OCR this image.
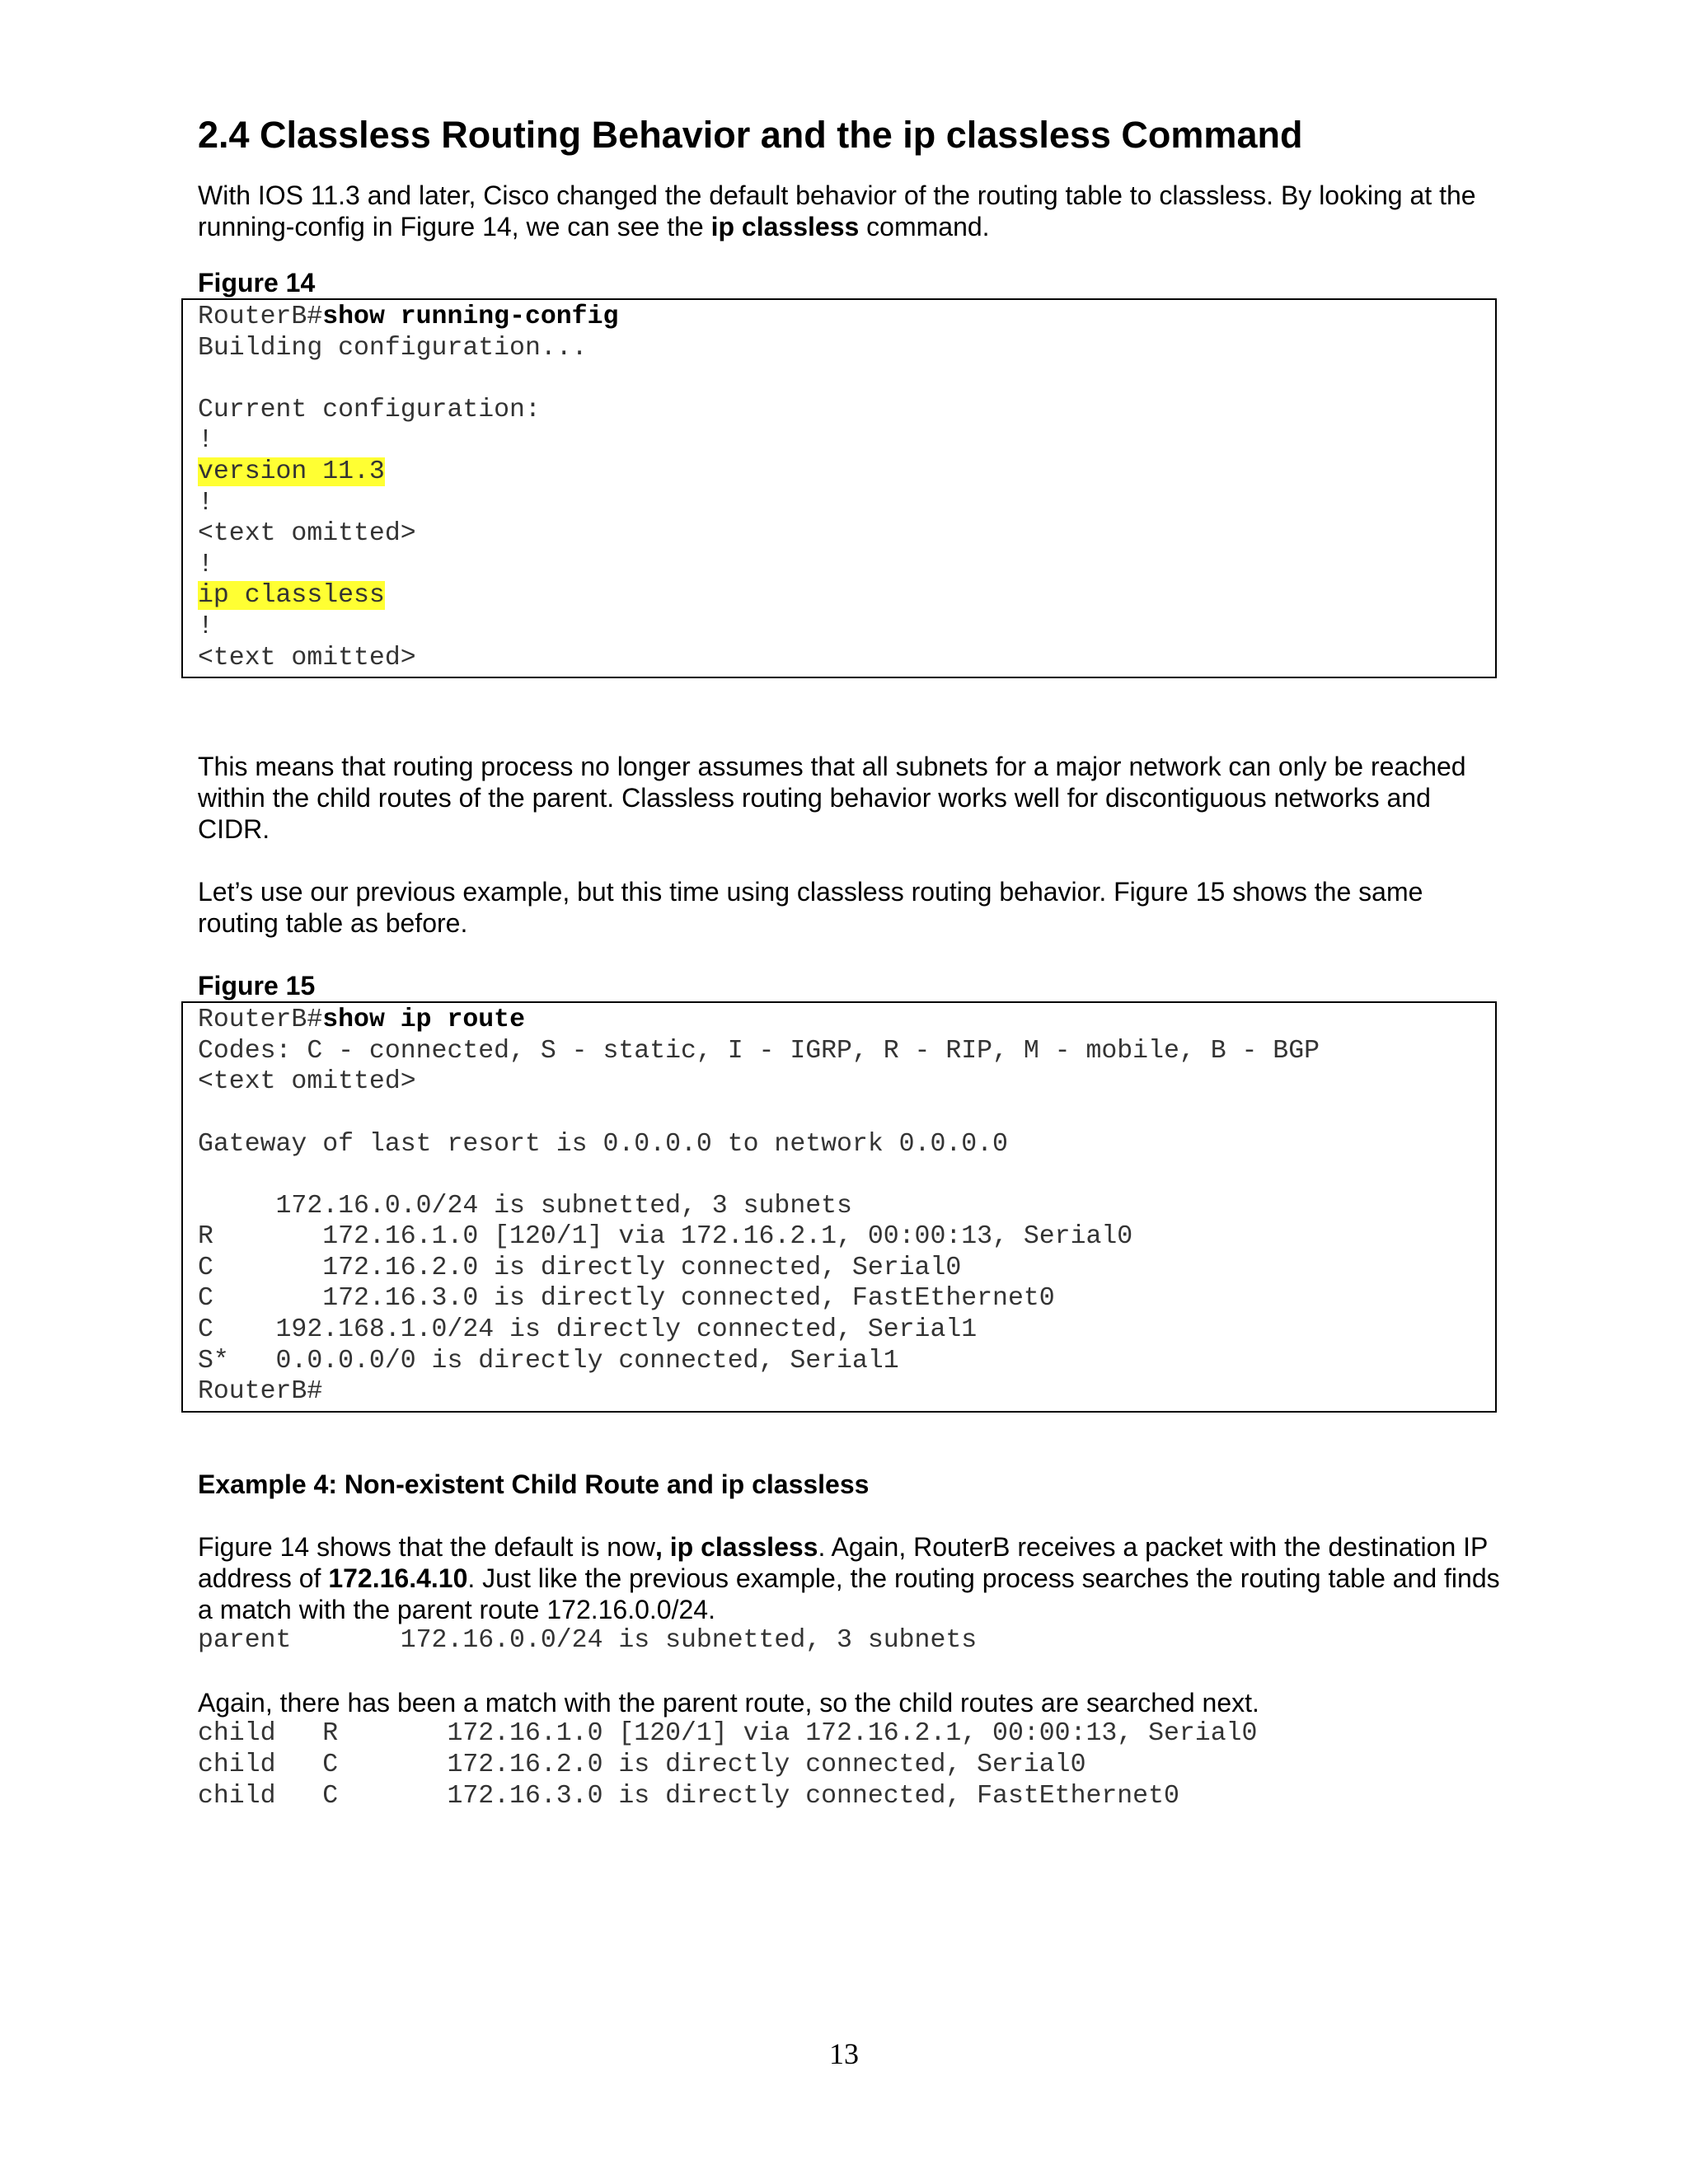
2.4 Classless Routing Behavior and the ip classless Command

With IOS 11.3 and later, Cisco changed the default behavior of the routing table to classless. By looking at the running-config in Figure 14, we can see the ip classless command.

Figure 14

RouterB#show running-config
Building configuration...
Current configuration:
!
version 11.3
!
<text omitted>
!
ip classless
!
<text omitted>

This means that routing process no longer assumes that all subnets for a major network can only be reached within the child routes of the parent. Classless routing behavior works well for discontiguous networks and CIDR.

Let’s use our previous example, but this time using classless routing behavior. Figure 15 shows the same routing table as before.

Figure 15

RouterB#show ip route
Codes: C - connected, S - static, I - IGRP, R - RIP, M - mobile, B - BGP
<text omitted>
Gateway of last resort is 0.0.0.0 to network 0.0.0.0
172.16.0.0/24 is subnetted, 3 subnets
R       172.16.1.0 [120/1] via 172.16.2.1, 00:00:13, Serial0
C       172.16.2.0 is directly connected, Serial0
C       172.16.3.0 is directly connected, FastEthernet0
C    192.168.1.0/24 is directly connected, Serial1
S*   0.0.0.0/0 is directly connected, Serial1
RouterB#

Example 4: Non-existent Child Route and ip classless

Figure 14 shows that the default is now, ip classless. Again, RouterB receives a packet with the destination IP address of 172.16.4.10. Just like the previous example, the routing process searches the routing table and finds a match with the parent route 172.16.0.0/24.

parent       172.16.0.0/24 is subnetted, 3 subnets

Again, there has been a match with the parent route, so the child routes are searched next.

child   R       172.16.1.0 [120/1] via 172.16.2.1, 00:00:13, Serial0
child   C       172.16.2.0 is directly connected, Serial0
child   C       172.16.3.0 is directly connected, FastEthernet0
13
